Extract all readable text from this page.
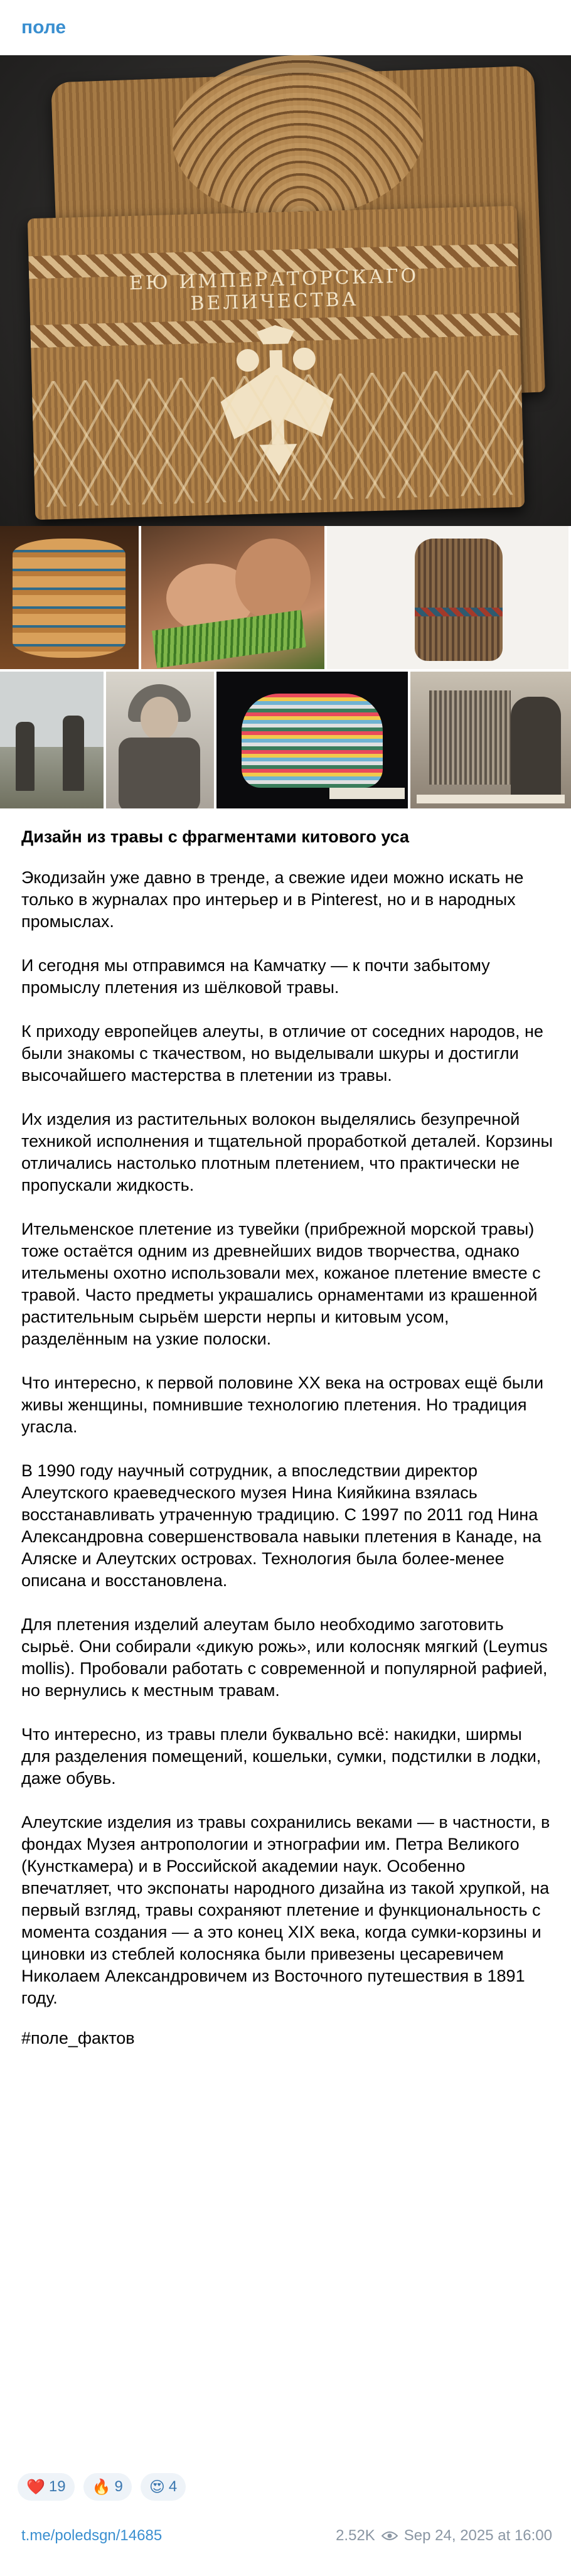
поле
ЕЮ ИМПЕРАТОРСКАГО ВЕЛИЧЕСТВА
Дизайн из травы с фрагментами китового уса

Экодизайн уже давно в тренде, а свежие идеи можно искать не только в журналах про интерьер и в Pinterest, но и в народных промыслах.

И сегодня мы отправимся на Камчатку — к почти забытому промыслу плетения из шёлковой травы.

К приходу европейцев алеуты, в отличие от соседних народов, не были знакомы с ткачеством, но выделывали шкуры и достигли высочайшего мастерства в плетении из травы.

Их изделия из растительных волокон выделялись безупречной техникой исполнения и тщательной проработкой деталей. Корзины отличались настолько плотным плетением, что практически не пропускали жидкость.

Ительменское плетение из тувейки (прибрежной морской травы) тоже остаётся одним из древнейших видов творчества, однако ительмены охотно использовали мех, кожаное плетение вместе с травой. Часто предметы украшались орнаментами из крашенной растительным сырьём шерсти нерпы и китовым усом, разделённым на узкие полоски.

Что интересно, к первой половине XX века на островах ещё были живы женщины, помнившие технологию плетения. Но традиция угасла.

В 1990 году научный сотрудник, а впоследствии директор Алеутского краеведческого музея Нина Кияйкина взялась восстанавливать утраченную традицию. С 1997 по 2011 год Нина Александровна совершенствовала навыки плетения в Канаде, на Аляске и Алеутских островах. Технология была более-менее описана и восстановлена.

Для плетения изделий алеутам было необходимо заготовить сырьё. Они собирали «дикую рожь», или колосняк мягкий (Leymus mollis). Пробовали работать с современной и популярной рафией, но вернулись к местным травам.

Что интересно, из травы плели буквально всё: накидки, ширмы для разделения помещений, кошельки, сумки, подстилки в лодки, даже обувь.

Алеутские изделия из травы сохранились веками — в частности, в фондах Музея антропологии и этнографии им. Петра Великого (Кунсткамера) и в Российской академии наук. Особенно впечатляет, что экспонаты народного дизайна из такой хрупкой, на первый взгляд, травы сохраняют плетение и функциональность с момента создания — а это конец XIX века, когда сумки-корзины и циновки из стеблей колосняка были привезены цесаревичем Николаем Александровичем из Восточного путешествия в 1891 году.

#поле_фактов
❤️ 19 🔥 9 😍 4
t.me/poledsgn/14685	2.52K Sep 24, 2025 at 16:00
